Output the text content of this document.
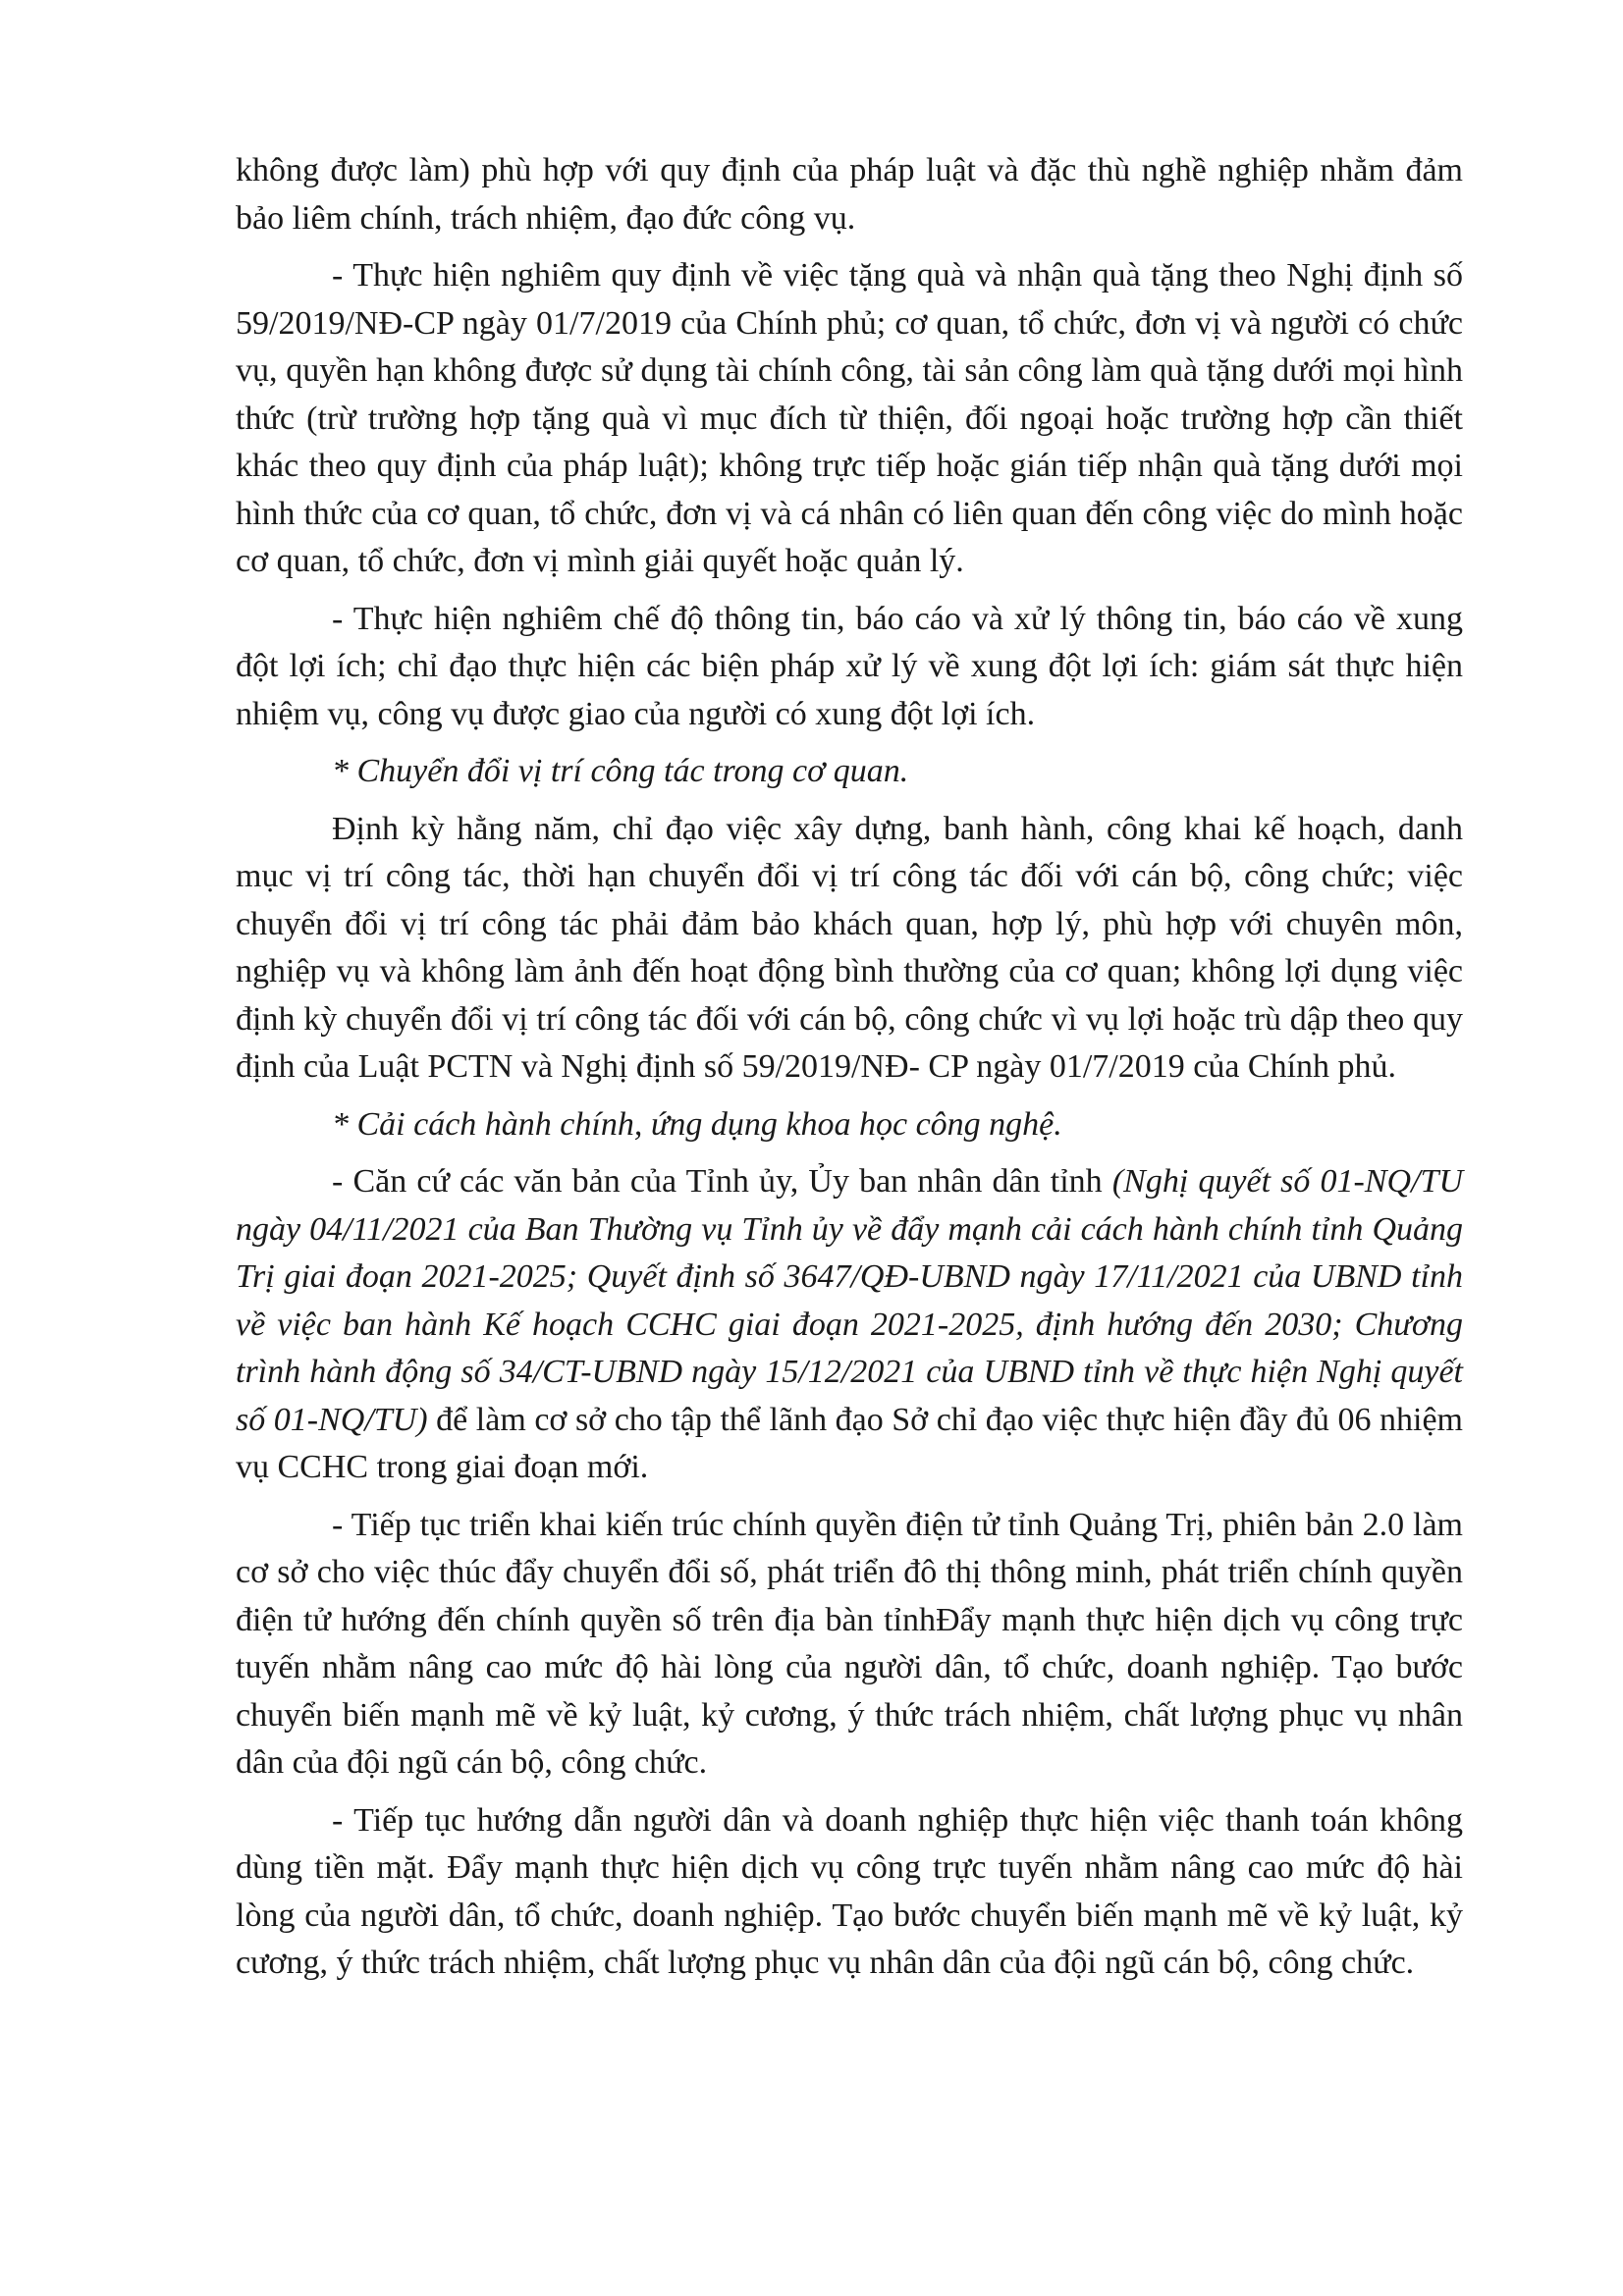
không được làm) phù hợp với quy định của pháp luật và đặc thù nghề nghiệp nhằm đảm bảo liêm chính, trách nhiệm, đạo đức công vụ.

- Thực hiện nghiêm quy định về việc tặng quà và nhận quà tặng theo Nghị định số 59/2019/NĐ-CP ngày 01/7/2019 của Chính phủ; cơ quan, tổ chức, đơn vị và người có chức vụ, quyền hạn không được sử dụng tài chính công, tài sản công làm quà tặng dưới mọi hình thức (trừ trường hợp tặng quà vì mục đích từ thiện, đối ngoại hoặc trường hợp cần thiết khác theo quy định của pháp luật); không trực tiếp hoặc gián tiếp nhận quà tặng dưới mọi hình thức của cơ quan, tổ chức, đơn vị và cá nhân có liên quan đến công việc do mình hoặc cơ quan, tổ chức, đơn vị mình giải quyết hoặc quản lý.

- Thực hiện nghiêm chế độ thông tin, báo cáo và xử lý thông tin, báo cáo về xung đột lợi ích; chỉ đạo thực hiện các biện pháp xử lý về xung đột lợi ích: giám sát thực hiện nhiệm vụ, công vụ được giao của người có xung đột lợi ích.

* Chuyển đổi vị trí công tác trong cơ quan.

Định kỳ hằng năm, chỉ đạo việc xây dựng, banh hành, công khai kế hoạch, danh mục vị trí công tác, thời hạn chuyển đổi vị trí công tác đối với cán bộ, công chức; việc chuyển đổi vị trí công tác phải đảm bảo khách quan, hợp lý, phù hợp với chuyên môn, nghiệp vụ và không làm ảnh đến hoạt động bình thường của cơ quan; không lợi dụng việc định kỳ chuyển đổi vị trí công tác đối với cán bộ, công chức vì vụ lợi hoặc trù dập theo quy định của Luật PCTN và Nghị định số 59/2019/NĐ- CP ngày 01/7/2019 của Chính phủ.

* Cải cách hành chính, ứng dụng khoa học công nghệ.

- Căn cứ các văn bản của Tỉnh ủy, Ủy ban nhân dân tỉnh (Nghị quyết số 01-NQ/TU ngày 04/11/2021 của Ban Thường vụ Tỉnh ủy về đẩy mạnh cải cách hành chính tỉnh Quảng Trị giai đoạn 2021-2025; Quyết định số 3647/QĐ-UBND ngày 17/11/2021 của UBND tỉnh về việc ban hành Kế hoạch CCHC giai đoạn 2021-2025, định hướng đến 2030; Chương trình hành động số 34/CT-UBND ngày 15/12/2021 của UBND tỉnh về thực hiện Nghị quyết số 01-NQ/TU) để làm cơ sở cho tập thể lãnh đạo Sở chỉ đạo việc thực hiện đầy đủ 06 nhiệm vụ CCHC trong giai đoạn mới.

- Tiếp tục triển khai kiến trúc chính quyền điện tử tỉnh Quảng Trị, phiên bản 2.0 làm cơ sở cho việc thúc đẩy chuyển đổi số, phát triển đô thị thông minh, phát triển chính quyền điện tử hướng đến chính quyền số trên địa bàn tỉnhĐẩy mạnh thực hiện dịch vụ công trực tuyến nhằm nâng cao mức độ hài lòng của người dân, tổ chức, doanh nghiệp. Tạo bước chuyển biến mạnh mẽ về kỷ luật, kỷ cương, ý thức trách nhiệm, chất lượng phục vụ nhân dân của đội ngũ cán bộ, công chức.

- Tiếp tục hướng dẫn người dân và doanh nghiệp thực hiện việc thanh toán không dùng tiền mặt. Đẩy mạnh thực hiện dịch vụ công trực tuyến nhằm nâng cao mức độ hài lòng của người dân, tổ chức, doanh nghiệp. Tạo bước chuyển biến mạnh mẽ về kỷ luật, kỷ cương, ý thức trách nhiệm, chất lượng phục vụ nhân dân của đội ngũ cán bộ, công chức.
